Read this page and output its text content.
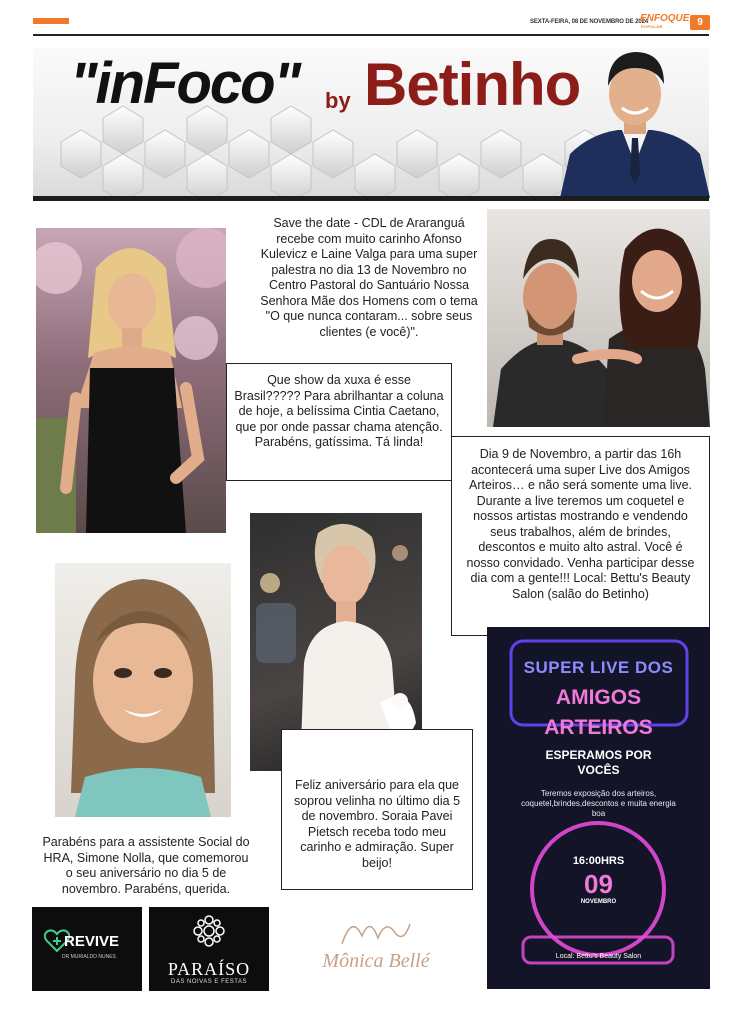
SEXTA-FEIRA, 08 DE NOVEMBRO DE 2024
ENFOQUE
POPULAR	9
"inFoco" by Betinho
Save the date - CDL de Araranguá recebe com muito carinho Afonso Kulevicz e Laine Valga para uma super palestra no dia 13 de Novembro no Centro Pastoral do Santuário Nossa Senhora Mãe dos Homens com o tema "O que nunca contaram... sobre seus clientes (e você)".
Que show da xuxa é esse Brasil????? Para abrilhantar a coluna de hoje, a belíssima Cintia Caetano, que por onde passar chama atenção. Parabéns, gatíssima. Tá linda!
Dia 9 de Novembro, a partir das 16h acontecerá uma super Live dos Amigos Arteiros… e não será somente uma live. Durante a live teremos um coquetel e nossos artistas mostrando e vendendo seus trabalhos, além de brindes, descontos e muito alto astral. Você é nosso convidado. Venha participar desse dia com a gente!!! Local: Bettu's Beauty Salon (salão do Betinho)
Feliz aniversário para ela que soprou velinha no último dia 5 de novembro. Soraia Pavei Pietsch receba todo meu carinho e admiração. Super beijo!
Parabéns para a assistente Social do HRA, Simone Nolla, que comemorou o seu aniversário no dia 5 de novembro. Parabéns, querida.
SUPER LIVE DOS
AMIGOS
ARTEIROS
ESPERAMOS POR VOCÊS
Teremos exposição dos arteiros, coquetel,brindes,descontos e muita energia boa
16:00HRS
09
NOVEMBRO
Local: Bettu's Beauty Salon
REVIVE
DR MURIALDO NUNES
PARAÍSO
DAS NOIVAS E FESTAS
Mônica Bellé
